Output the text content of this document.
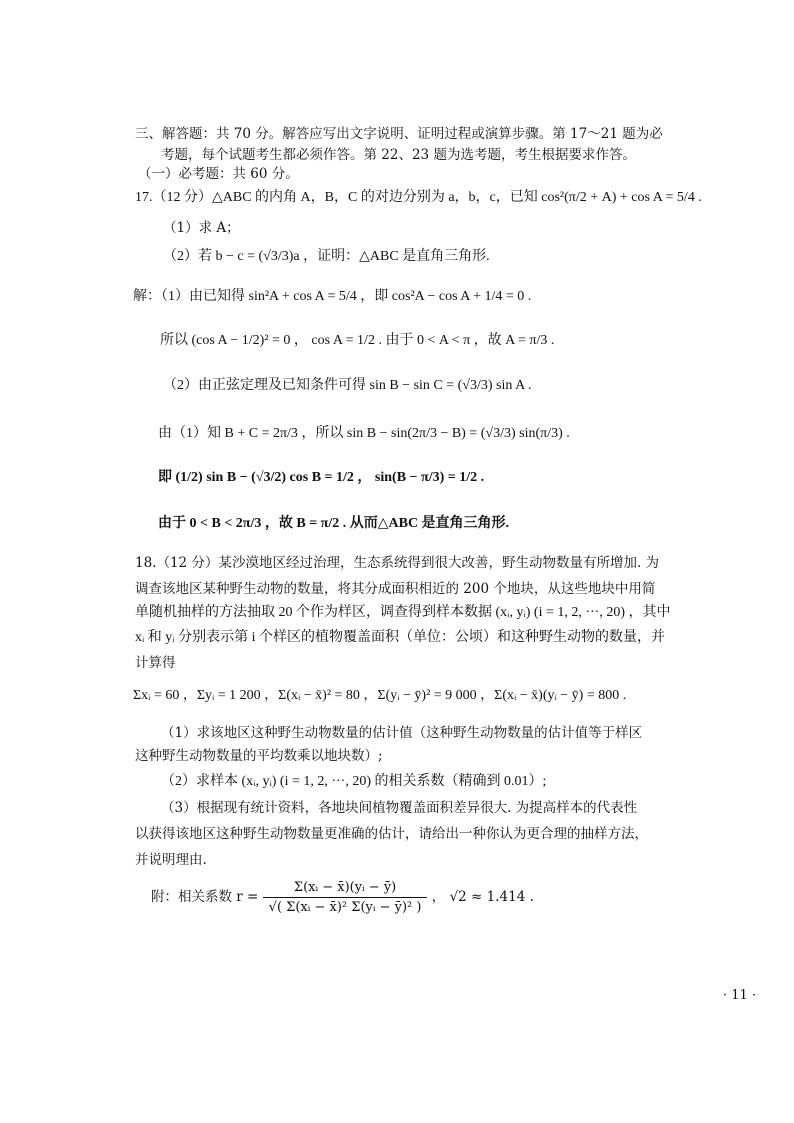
三、解答题：共 70 分。解答应写出文字说明、证明过程或演算步骤。第 17～21 题为必
考题，每个试题考生都必须作答。第 22、23 题为选考题，考生根据要求作答。
（一）必考题：共 60 分。
17.（12 分）△ABC 的内角 A，B，C 的对边分别为 a，b，c，已知 cos²(π/2 + A) + cos A = 5/4 .
（1）求 A；
（2）若 b − c = (√3/3)a ，证明：△ABC 是直角三角形.
解：（1）由已知得 sin²A + cos A = 5/4 ，即 cos²A − cos A + 1/4 = 0 .
所以 (cos A − 1/2)² = 0 ， cos A = 1/2 . 由于 0 < A < π ，故 A = π/3 .
（2）由正弦定理及已知条件可得 sin B − sin C = (√3/3) sin A .
由（1）知 B + C = 2π/3 ，所以 sin B − sin(2π/3 − B) = (√3/3) sin(π/3) .
即 (1/2) sin B − (√3/2) cos B = 1/2 ， sin(B − π/3) = 1/2 .
由于 0 < B < 2π/3 ，故 B = π/2 . 从而△ABC 是直角三角形.
18.（12 分）某沙漠地区经过治理，生态系统得到很大改善，野生动物数量有所增加. 为
调查该地区某种野生动物的数量，将其分成面积相近的 200 个地块，从这些地块中用简
单随机抽样的方法抽取 20 个作为样区，调查得到样本数据 (xᵢ, yᵢ) (i = 1, 2, ···, 20) ，其中
xᵢ 和 yᵢ 分别表示第 i 个样区的植物覆盖面积（单位：公顷）和这种野生动物的数量，并
计算得
Σxᵢ = 60 ，Σyᵢ = 1 200 ，Σ(xᵢ − x̄)² = 80 ，Σ(yᵢ − ȳ)² = 9 000 ，Σ(xᵢ − x̄)(yᵢ − ȳ) = 800 .
（1）求该地区这种野生动物数量的估计值（这种野生动物数量的估计值等于样区
这种野生动物数量的平均数乘以地块数）;
（2）求样本 (xᵢ, yᵢ) (i = 1, 2, ···, 20) 的相关系数（精确到 0.01）;
（3）根据现有统计资料，各地块间植物覆盖面积差异很大. 为提高样本的代表性
以获得该地区这种野生动物数量更准确的估计，请给出一种你认为更合理的抽样方法，
并说明理由.
附：相关系数 $r = \frac{\text{Σ(xᵢ − x̄)(yᵢ − ȳ)}}{\text{√( Σ(xᵢ − x̄)² Σ(yᵢ − ȳ)² )}}$ ， √2 ≈ 1.414 .
· 11 ·
